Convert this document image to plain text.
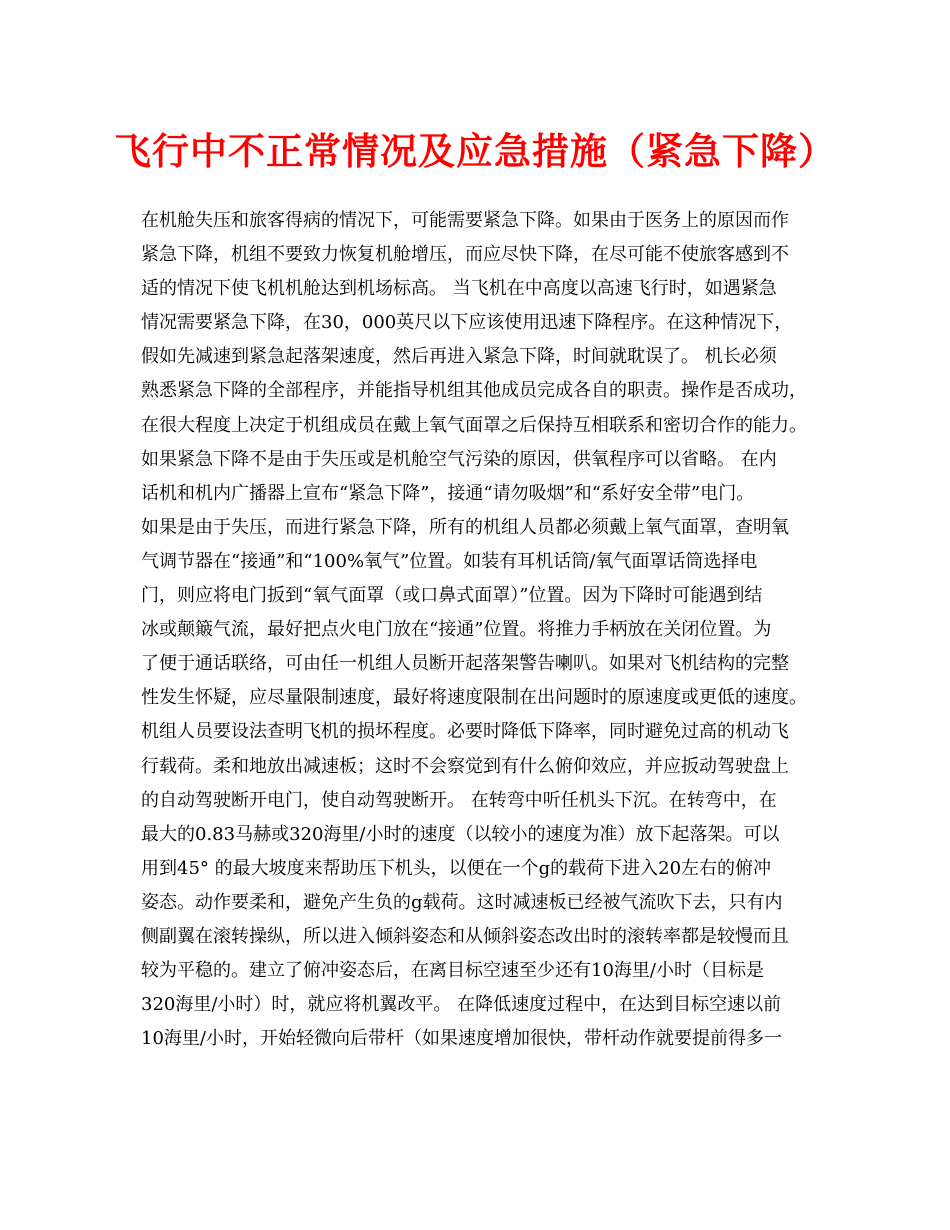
飞行中不正常情况及应急措施（紧急下降）
在机舱失压和旅客得病的情况下，可能需要紧急下降。如果由于医务上的原因而作
紧急下降，机组不要致力恢复机舱增压，而应尽快下降，在尽可能不使旅客感到不
适的情况下使飞机机舱达到机场标高。 当飞机在中高度以高速飞行时，如遇紧急
情况需要紧急下降，在30，000英尺以下应该使用迅速下降程序。在这种情况下，
假如先减速到紧急起落架速度，然后再进入紧急下降，时间就耽误了。 机长必须
熟悉紧急下降的全部程序，并能指导机组其他成员完成各自的职责。操作是否成功，
在很大程度上决定于机组成员在戴上氧气面罩之后保持互相联系和密切合作的能力。
如果紧急下降不是由于失压或是机舱空气污染的原因，供氧程序可以省略。 在内
话机和机内广播器上宣布“紧急下降”，接通“请勿吸烟”和“系好安全带”电门。
如果是由于失压，而进行紧急下降，所有的机组人员都必须戴上氧气面罩，查明氧
气调节器在“接通”和“100%氧气”位置。如装有耳机话筒/氧气面罩话筒选择电
门，则应将电门扳到“氧气面罩（或口鼻式面罩）”位置。因为下降时可能遇到结
冰或颠簸气流，最好把点火电门放在“接通”位置。将推力手柄放在关闭位置。为
了便于通话联络，可由任一机组人员断开起落架警告喇叭。如果对飞机结构的完整
性发生怀疑，应尽量限制速度，最好将速度限制在出问题时的原速度或更低的速度。
机组人员要设法查明飞机的损坏程度。必要时降低下降率，同时避免过高的机动飞
行载荷。柔和地放出减速板；这时不会察觉到有什么俯仰效应，并应扳动驾驶盘上
的自动驾驶断开电门，使自动驾驶断开。 在转弯中听任机头下沉。在转弯中，在
最大的0.83马赫或320海里/小时的速度（以较小的速度为准）放下起落架。可以
用到45° 的最大坡度来帮助压下机头，以便在一个g的载荷下进入20左右的俯冲
姿态。动作要柔和，避免产生负的g载荷。这时减速板已经被气流吹下去，只有内
侧副翼在滚转操纵，所以进入倾斜姿态和从倾斜姿态改出时的滚转率都是较慢而且
较为平稳的。建立了俯冲姿态后，在离目标空速至少还有10海里/小时（目标是
320海里/小时）时，就应将机翼改平。 在降低速度过程中，在达到目标空速以前
10海里/小时，开始轻微向后带杆（如果速度增加很快，带杆动作就要提前得多一
